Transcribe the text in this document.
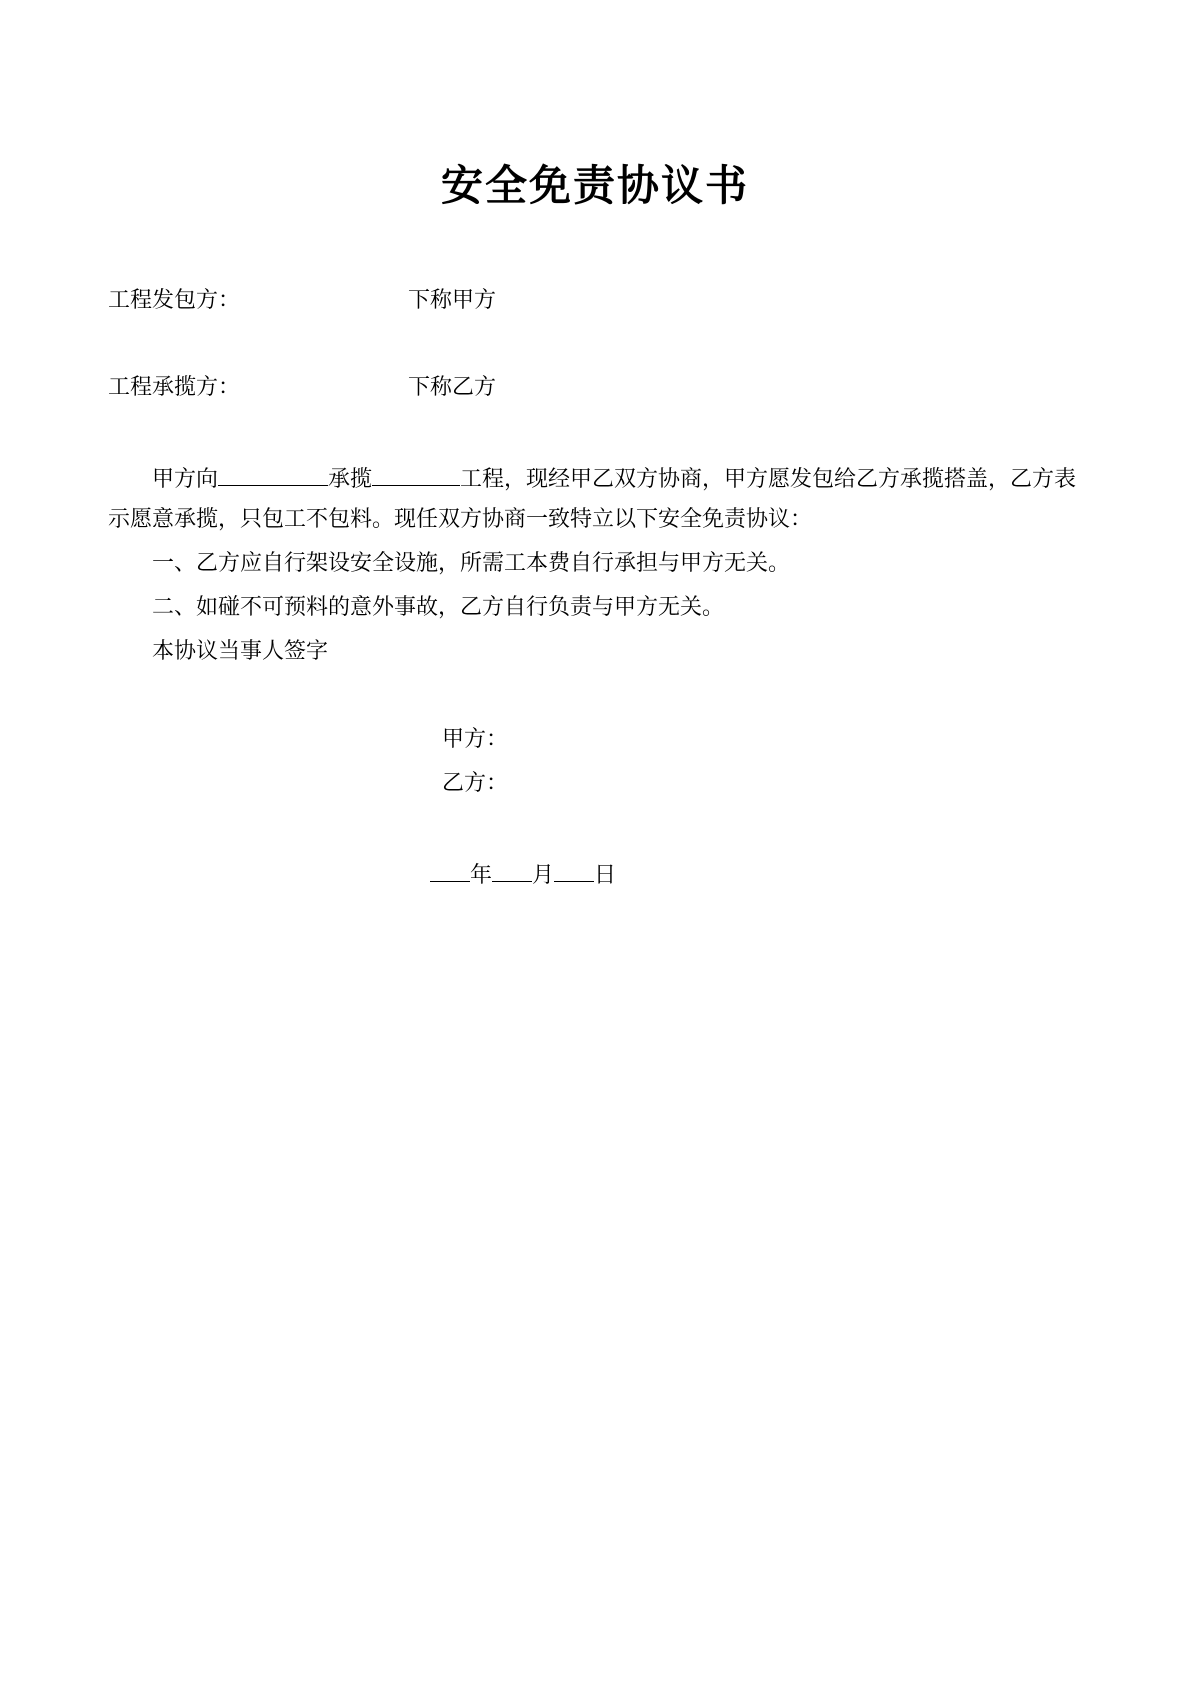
安全免责协议书
工程发包方：	下称甲方
工程承揽方：	下称乙方
甲方向	承揽	工程，现经甲乙双方协商，甲方愿发包给乙方承揽搭盖，乙方表
示愿意承揽，只包工不包料。现任双方协商一致特立以下安全免责协议：
一、乙方应自行架设安全设施，所需工本费自行承担与甲方无关。
二、如碰不可预料的意外事故，乙方自行负责与甲方无关。
本协议当事人签字
甲方：
乙方：
年 月 日
